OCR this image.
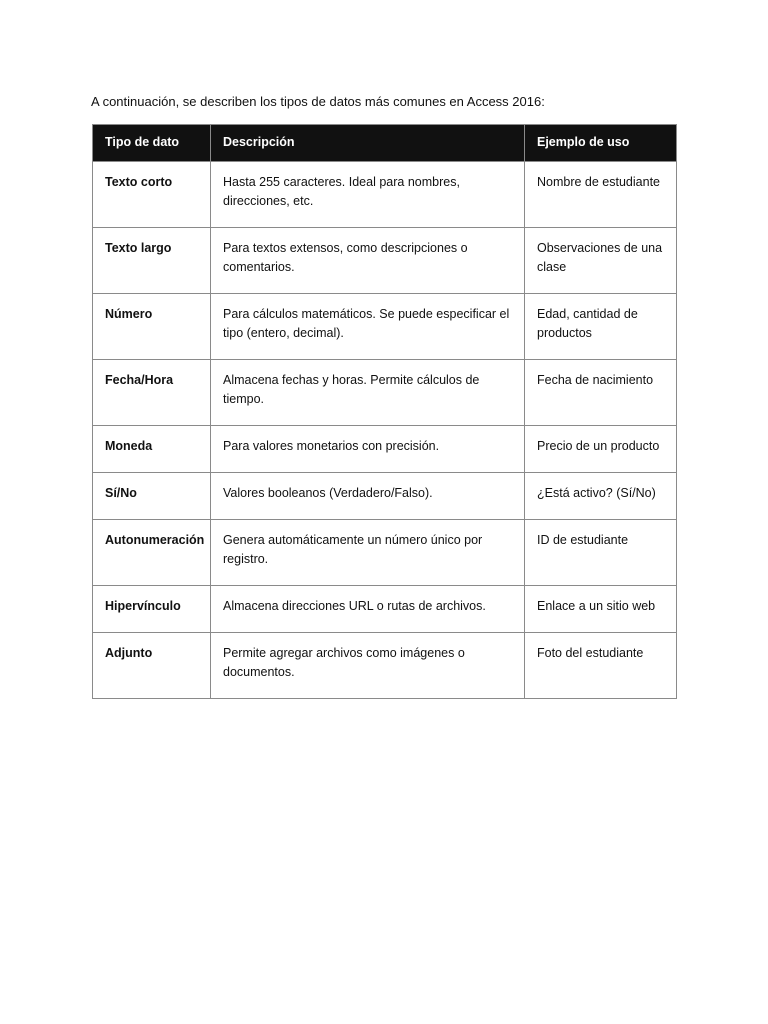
A continuación, se describen los tipos de datos más comunes en Access 2016:

Tipo de dato	Descripción	Ejemplo de uso
Texto corto	Hasta 255 caracteres. Ideal para nombres, direcciones, etc.	Nombre de estudiante
Texto largo	Para textos extensos, como descripciones o comentarios.	Observaciones de una clase
Número	Para cálculos matemáticos. Se puede especificar el tipo (entero, decimal).	Edad, cantidad de productos
Fecha/Hora	Almacena fechas y horas. Permite cálculos de tiempo.	Fecha de nacimiento
Moneda	Para valores monetarios con precisión.	Precio de un producto
Sí/No	Valores booleanos (Verdadero/Falso).	¿Está activo? (Sí/No)
Autonumeración	Genera automáticamente un número único por registro.	ID de estudiante
Hipervínculo	Almacena direcciones URL o rutas de archivos.	Enlace a un sitio web
Adjunto	Permite agregar archivos como imágenes o documentos.	Foto del estudiante
